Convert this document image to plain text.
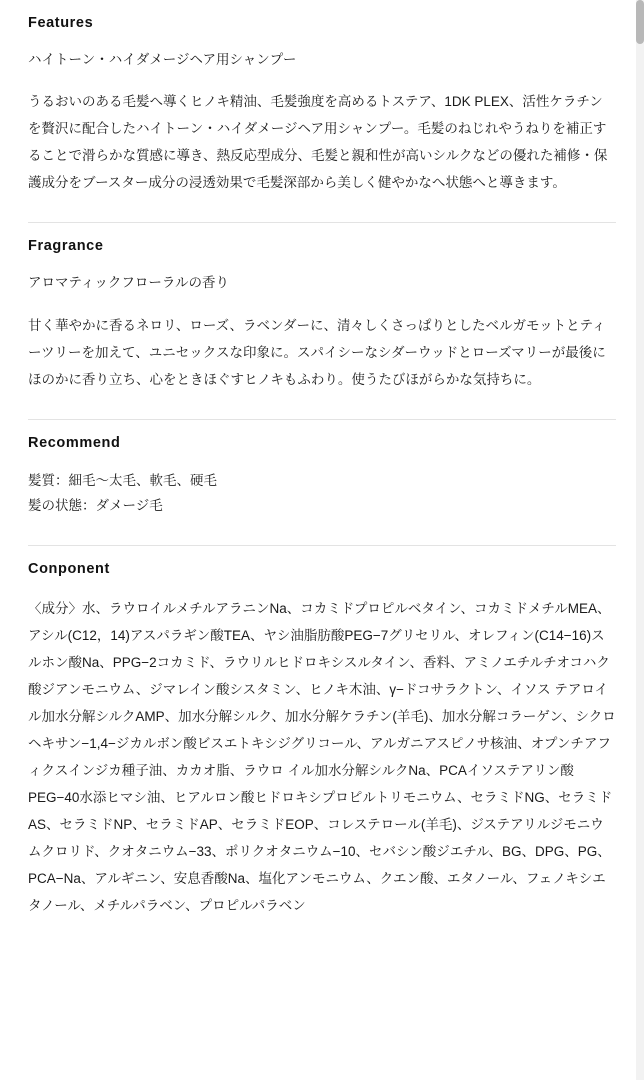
Features

ハイトーン・ハイダメージヘア用シャンプー

うるおいのある毛髪へ導くヒノキ精油、毛髪強度を高めるトステア、1DK PLEX、活性ケラチンを贅沢に配合したハイトーン・ハイダメージヘア用シャンプー。毛髪のねじれやうねりを補正することで滑らかな質感に導き、熱反応型成分、毛髪と親和性が高いシルクなどの優れた補修・保護成分をブースター成分の浸透効果で毛髪深部から美しく健やかなへ状態へと導きます。

Fragrance

アロマティックフローラルの香り

甘く華やかに香るネロリ、ローズ、ラベンダーに、清々しくさっぱりとしたベルガモットとティーツリーを加えて、ユニセックスな印象に。スパイシーなシダーウッドとローズマリーが最後にほのかに香り立ち、心をときほぐすヒノキもふわり。使うたびほがらかな気持ちに。

Recommend

髪質：細毛〜太毛、軟毛、硬毛

髪の状態：ダメージ毛

Conponent

〈成分〉水、ラウロイルメチルアラニンNa、コカミドプロピルベタイン、コカミドメチルMEA、アシル(C12，14)アスパラギン酸TEA、ヤシ油脂肪酸PEG−7グリセリル、オレフィン(C14−16)スルホン酸Na、PPG−2コカミド、ラウリルヒドロキシスルタイン、香料、アミノエチルチオコハク酸ジアンモニウム、ジマレイン酸シスタミン、ヒノキ木油、γ−ドコサラクトン、イソス テアロイル加水分解シルクAMP、加水分解シルク、加水分解ケラチン(羊毛)、加水分解コラーゲン、シクロヘキサン−1,4−ジカルボン酸ビスエトキシジグリコール、アルガニアスピノサ核油、オプンチアフィクスインジカ種子油、カカオ脂、ラウロ イル加水分解シルクNa、PCAイソステアリン酸PEG−40水添ヒマシ油、ヒアルロン酸ヒドロキシプロピルトリモニウム、セラミドNG、セラミドAS、セラミドNP、セラミドAP、セラミドEOP、コレステロール(羊毛)、ジステアリルジモニウムクロリド、クオタニウム−33、ポリクオタニウム−10、セバシン酸ジエチル、BG、DPG、PG、PCA−Na、アルギニン、安息香酸Na、塩化アンモニウム、クエン酸、エタノール、フェノキシエタノール、メチルパラベン、プロピルパラベン
